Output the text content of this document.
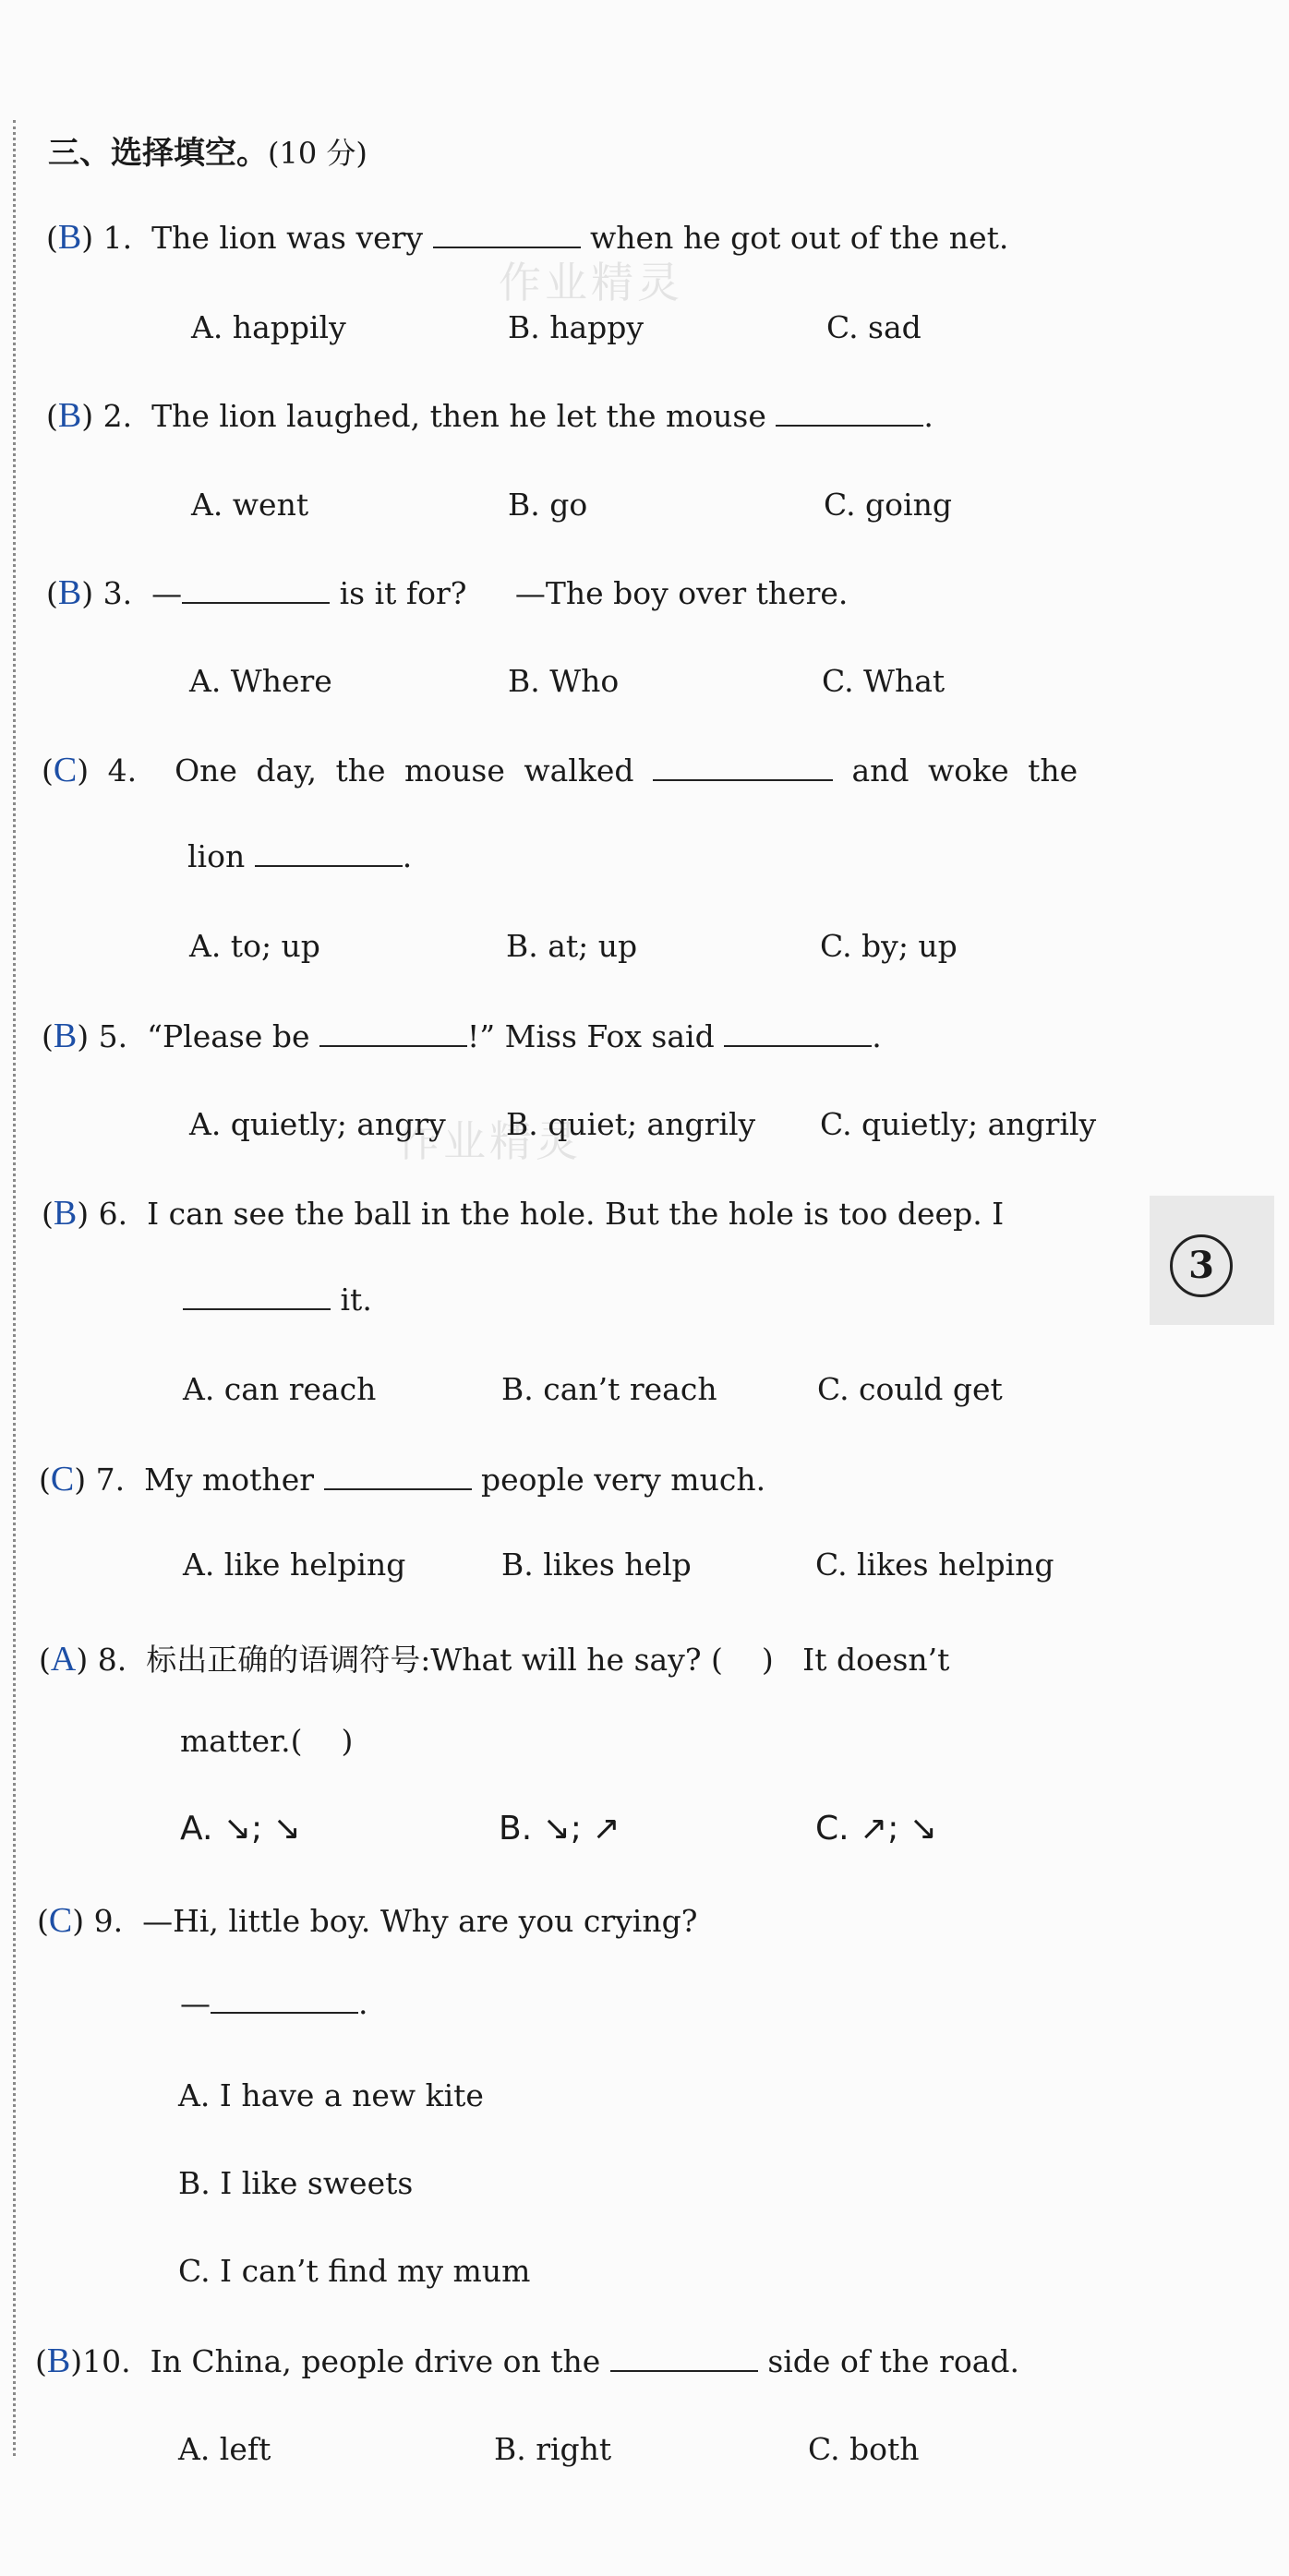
三、选择填空。(10 分)
作业精灵
作业精灵
3
(B) 1. The lion was very	when he got out of the net.
A. happily	B. happy	C. sad
(B) 2. The lion laughed, then he let the mouse	.
A. went	B. go	C. going
(B) 3. —	is it for?     —The boy over there.
A. Where	B. Who	C. What
(C) 4. One day, the mouse walked	and woke the
lion	.
A. to; up	B. at; up	C. by; up
(B) 5. “Please be	!” Miss Fox said	.
A. quietly; angry B. quiet; angrily C. quietly; angrily
(B) 6. I can see the ball in the hole. But the hole is too deep. I
it.
A. can reach	B. can’t reach	C. could get
(C) 7. My mother	people very much.
A. like helping	B. likes help	C. likes helping
(A) 8. 标出正确的语调符号:What will he say? (    )   It doesn’t
matter.(    )
A. ↘; ↘	B. ↘; ↗	C. ↗; ↘
(C) 9. —Hi, little boy. Why are you crying?
—	.
A. I have a new kite
B. I like sweets
C. I can’t find my mum
(B)10. In China, people drive on the	side of the road.
A. left	B. right	C. both
